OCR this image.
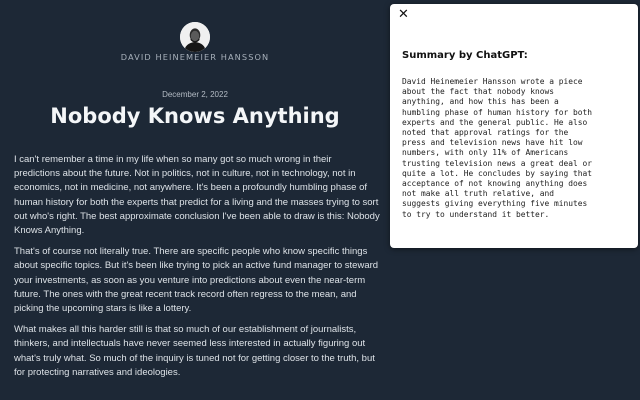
DAVID HEINEMEIER HANSSON
December 2, 2022
Nobody Knows Anything

I can't remember a time in my life when so many got so much wrong in their predictions about the future. Not in politics, not in culture, not in technology, not in economics, not in medicine, not anywhere. It's been a profoundly humbling phase of human history for both the experts that predict for a living and the masses trying to sort out who's right. The best approximate conclusion I've been able to draw is this: Nobody Knows Anything.

That's of course not literally true. There are specific people who know specific things about specific topics. But it's been like trying to pick an active fund manager to steward your investments, as soon as you venture into predictions about even the near-term future. The ones with the great recent track record often regress to the mean, and picking the upcoming stars is like a lottery.

What makes all this harder still is that so much of our establishment of journalists, thinkers, and intellectuals have never seemed less interested in actually figuring out what's truly what. So much of the inquiry is tuned not for getting closer to the truth, but for protecting narratives and ideologies.

✕
Summary by ChatGPT:
David Heinemeier Hansson wrote a piece
about the fact that nobody knows
anything, and how this has been a
humbling phase of human history for both
experts and the general public. He also
noted that approval ratings for the
press and television news have hit low
numbers, with only 11% of Americans
trusting television news a great deal or
quite a lot. He concludes by saying that
acceptance of not knowing anything does
not make all truth relative, and
suggests giving everything five minutes
to try to understand it better.
